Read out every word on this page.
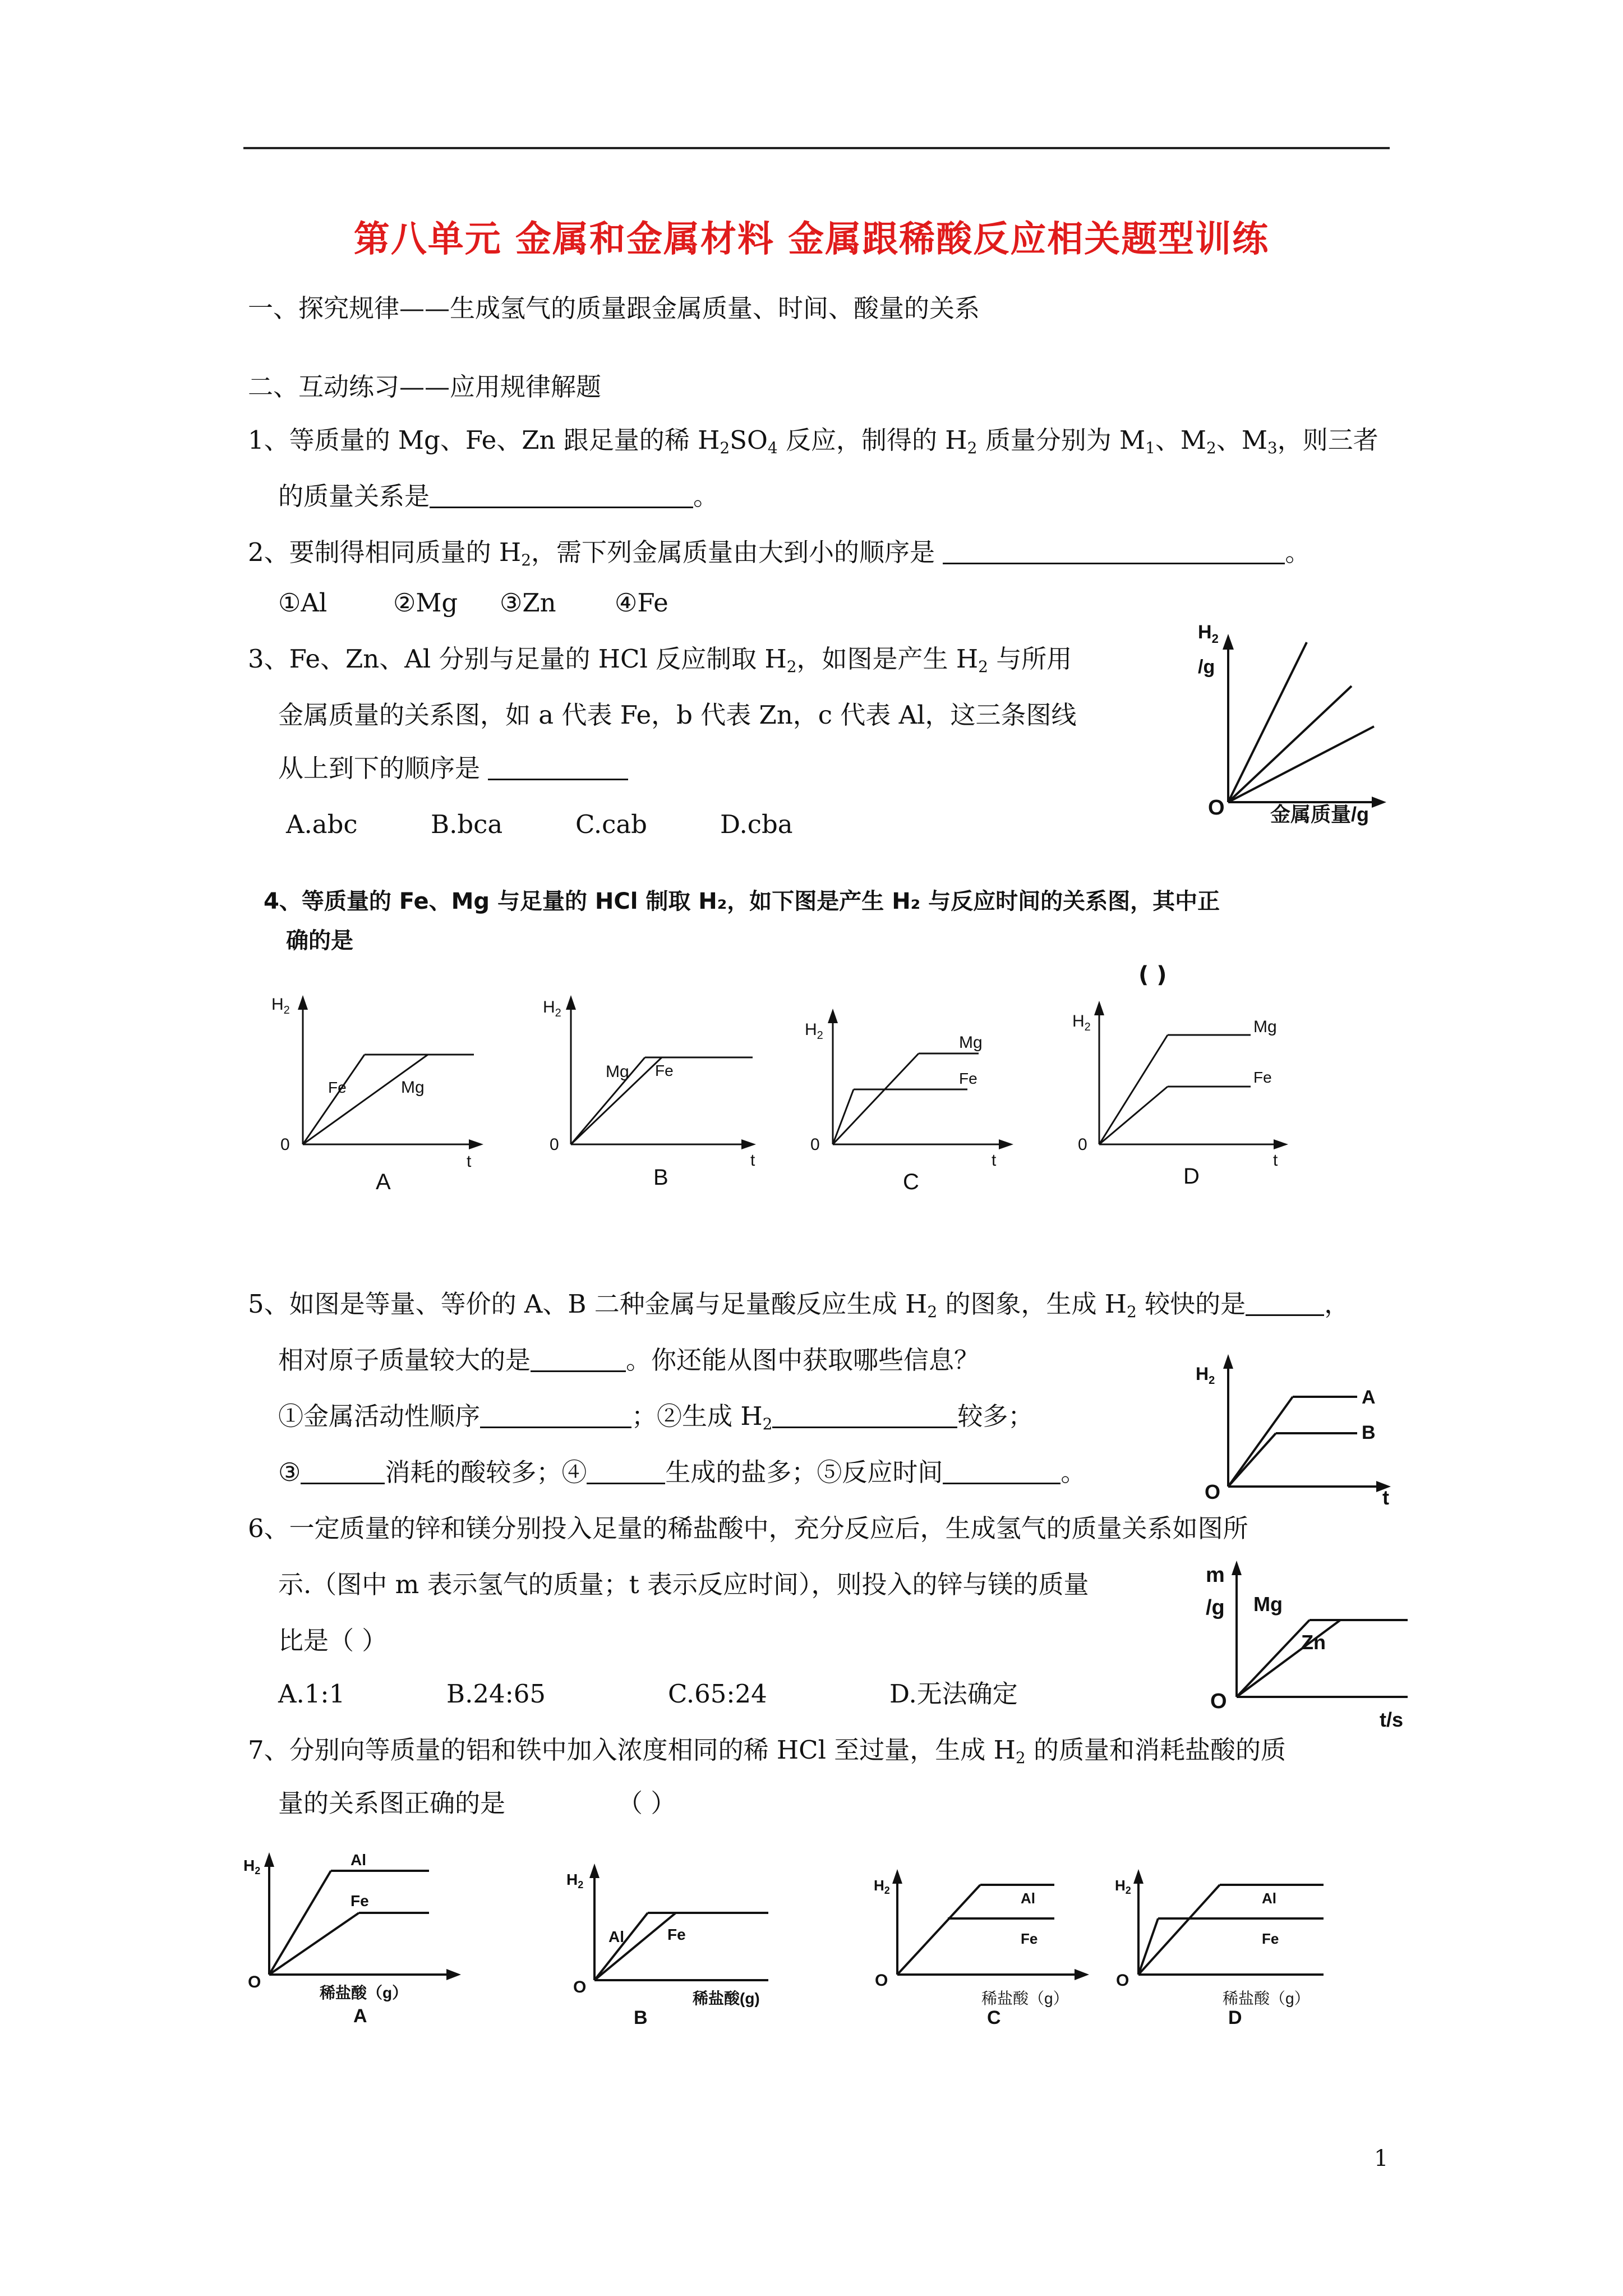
第八单元 金属和金属材料 金属跟稀酸反应相关题型训练
一、探究规律——生成氢气的质量跟金属质量、时间、酸量的关系
二、互动练习——应用规律解题
1、等质量的 Mg、Fe、Zn 跟足量的稀 $H_2SO_4$ 反应，制得的 $H_2$ 质量分别为 $M_1$、$M_2$、$M_3$，则三者
的质量关系是	。
2、要制得相同质量的 $H_2$，需下列金属质量由大到小的顺序是	。
①Al	②Mg ③Zn ④Fe
3、Fe、Zn、Al 分别与足量的 HCl 反应制取 $H_2$，如图是产生 $H_2$ 与所用
金属质量的关系图，如 a 代表 Fe，b 代表 Zn，c 代表 Al，这三条图线
从上到下的顺序是
A.abc	B.bca	C.cab	D.cba
$H_2$
/g
O 金属质量/g
4、等质量的 Fe、Mg 与足量的 HCl 制取 H₂，如下图是产生 H₂ 与反应时间的关系图，其中正
确的是
( )
$H_2$
0
t
Fe	Mg
A
$H_2$
0
t
Mg Fe
B
$H_2$
0
t
Mg
Fe
C
$H_2$
0
t
Mg
Fe
D
5、如图是等量、等价的 A、B 二种金属与足量酸反应生成 $H_2$ 的图象，生成 $H_2$ 较快的是	，
相对原子质量较大的是	。你还能从图中获取哪些信息？
①金属活动性顺序	；②生成 $H_2$	较多；
③	消耗的酸较多；④	生成的盐多；⑤反应时间	。
$H_2$
O	t
A
B
6、一定质量的锌和镁分别投入足量的稀盐酸中，充分反应后，生成氢气的质量关系如图所
示.（图中 m 表示氢气的质量；t 表示反应时间），则投入的锌与镁的质量
比是（ ）
A.1:1	B.24:65	C.65:24	D.无法确定
m
/g
O
t/s
Mg
Zn
7、分别向等质量的铝和铁中加入浓度相同的稀 HCl 至过量，生成 $H_2$ 的质量和消耗盐酸的质
量的关系图正确的是	（ ）
$H_2$
O
Al
Fe
稀盐酸（g）
A
$H_2$
O
Al	Fe
稀盐酸(g)
B
$H_2$
O
Al
Fe
稀盐酸（g）
C
$H_2$
O
Al
Fe
稀盐酸（g）
D
1
